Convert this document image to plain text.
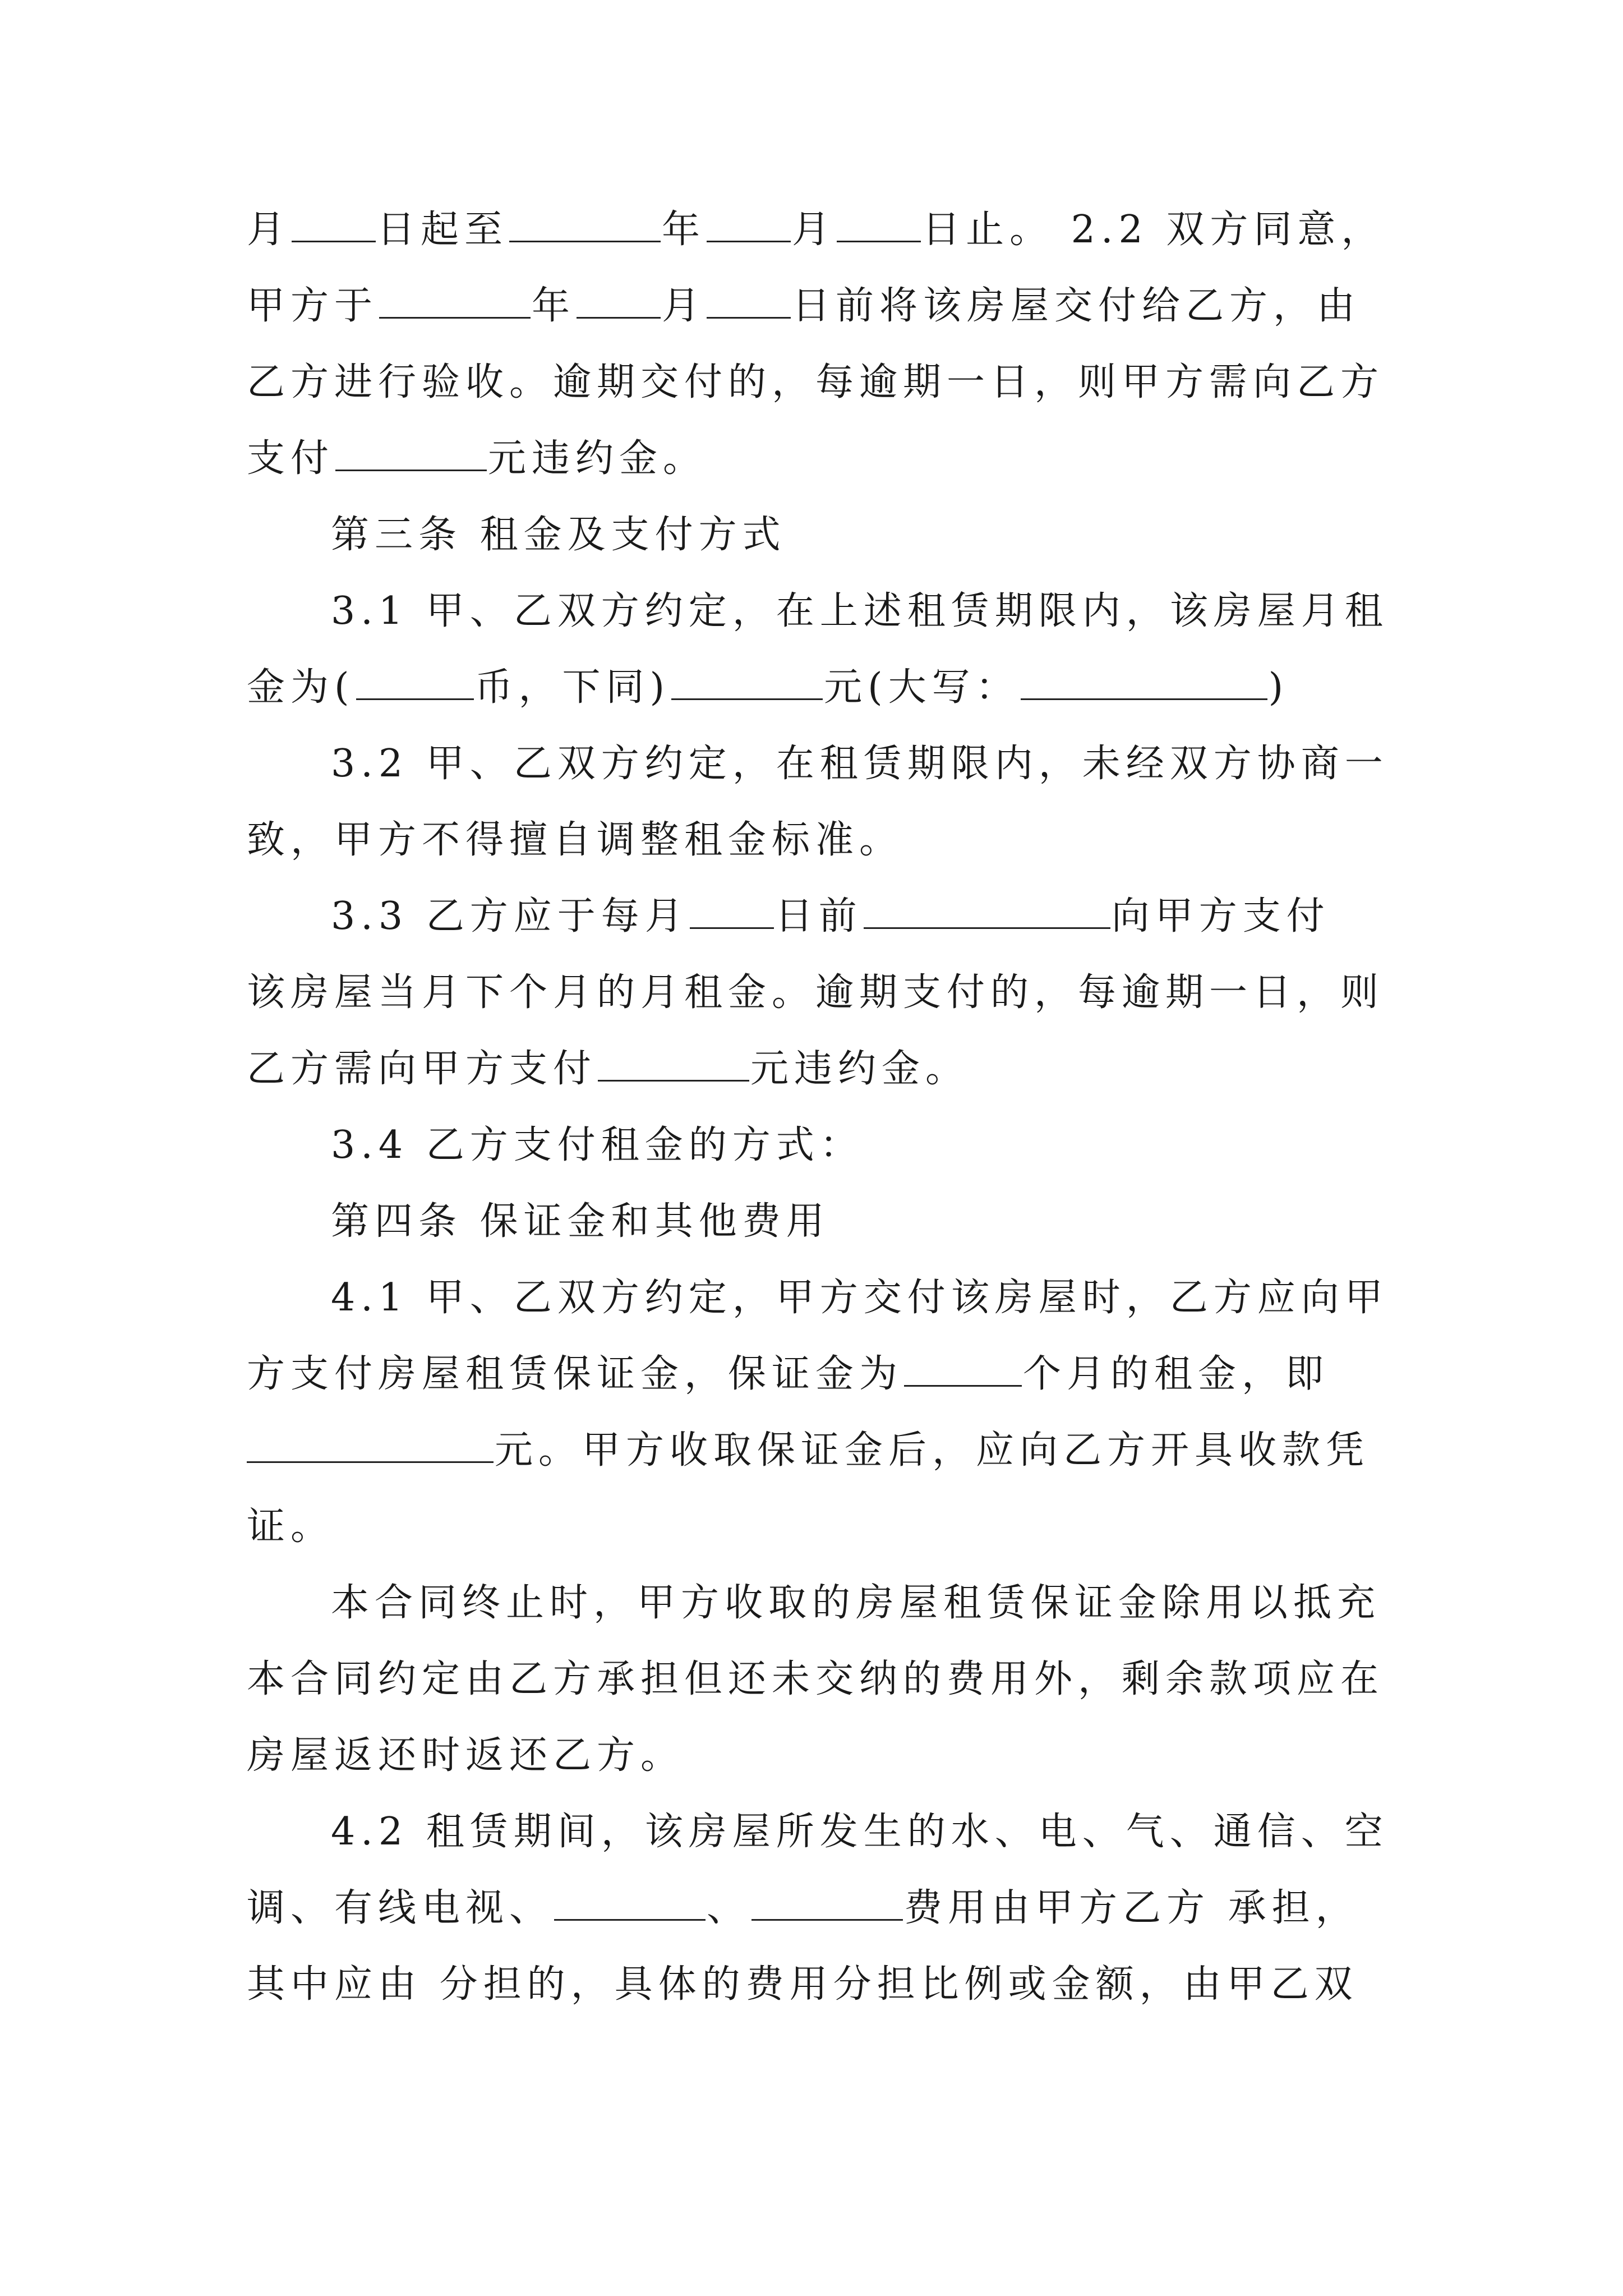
月 日起至	年 月 日止。 2.2 双方同意，
甲方于	年 月 日前将该房屋交付给乙方，由
乙方进行验收。逾期交付的，每逾期一日，则甲方需向乙方
支付	元违约金。
第三条 租金及支付方式
3.1 甲、乙双方约定，在上述租赁期限内，该房屋月租
金为(	币，下同)	元(大写：	)
3.2 甲、乙双方约定，在租赁期限内，未经双方协商一
致，甲方不得擅自调整租金标准。
3.3 乙方应于每月 日前	向甲方支付
该房屋当月下个月的月租金。逾期支付的，每逾期一日，则
乙方需向甲方支付	元违约金。
3.4 乙方支付租金的方式：
第四条 保证金和其他费用
4.1 甲、乙双方约定，甲方交付该房屋时，乙方应向甲
方支付房屋租赁保证金，保证金为	个月的租金，即
元。甲方收取保证金后，应向乙方开具收款凭
证。
本合同终止时，甲方收取的房屋租赁保证金除用以抵充
本合同约定由乙方承担但还未交纳的费用外，剩余款项应在
房屋返还时返还乙方。
4.2 租赁期间，该房屋所发生的水、电、气、通信、空
调、有线电视、	、	费用由甲方乙方 承担，
其中应由 分担的，具体的费用分担比例或金额，由甲乙双
